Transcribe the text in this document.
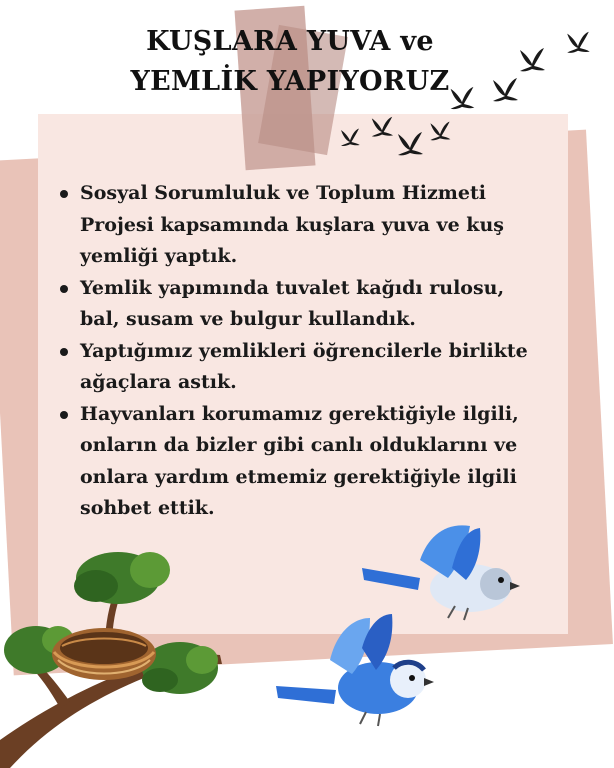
KUŞLARA YUVA ve
YEMLİK YAPIYORUZ
Sosyal Sorumluluk ve Toplum Hizmeti Projesi kapsamında kuşlara yuva ve kuş yemliği yaptık.
Yemlik yapımında tuvalet kağıdı rulosu, bal, susam ve bulgur kullandık.
Yaptığımız yemlikleri öğrencilerle birlikte ağaçlara astık.
Hayvanları korumamız gerektiğiyle ilgili, onların da bizler gibi canlı olduklarını ve onlara yardım etmemiz gerektiğiyle ilgili sohbet ettik.
